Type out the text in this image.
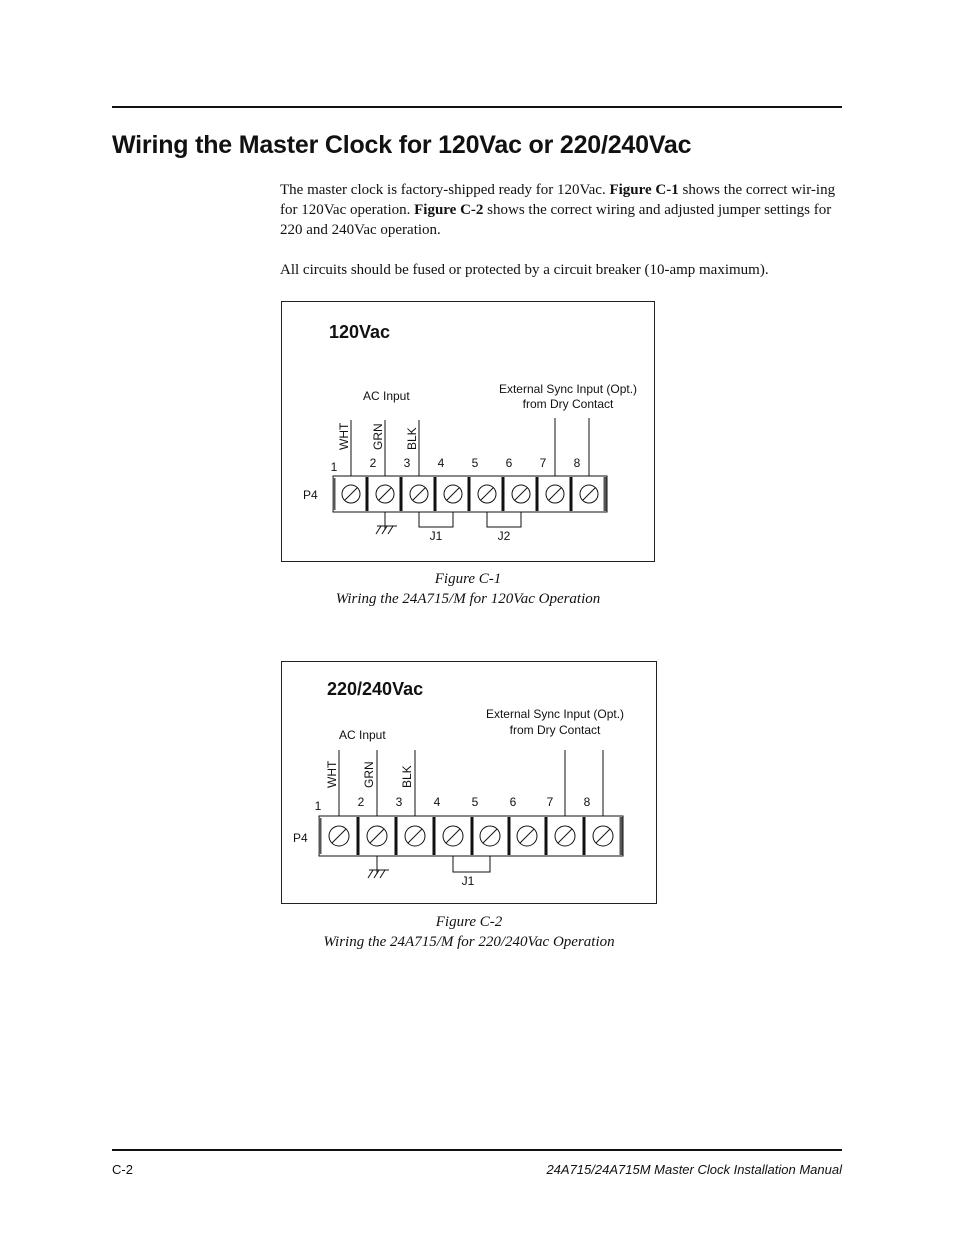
Wiring the Master Clock for 120Vac or 220/240Vac

The master clock is factory-shipped ready for 120Vac. Figure C-1 shows the correct wir-ing for 120Vac operation. Figure C-2 shows the correct wiring and adjusted jumper settings for 220 and 240Vac operation.

All circuits should be fused or protected by a circuit breaker (10-amp maximum).

120Vac
AC Input	External Sync Input (Opt.)
from Dry Contact
WHT GRN BLK
1	2 3 4 5 6 7 8
P4
J1	J2
Figure C-1
Wiring the 24A715/M for 120Vac Operation
220/240Vac
AC Input
External Sync Input (Opt.)
from Dry Contact
WHT GRN BLK
1	2	3	4	5	6	7	8
P4
J1
Figure C-2
Wiring the 24A715/M for 220/240Vac Operation
C-2	24A715/24A715M Master Clock Installation Manual
